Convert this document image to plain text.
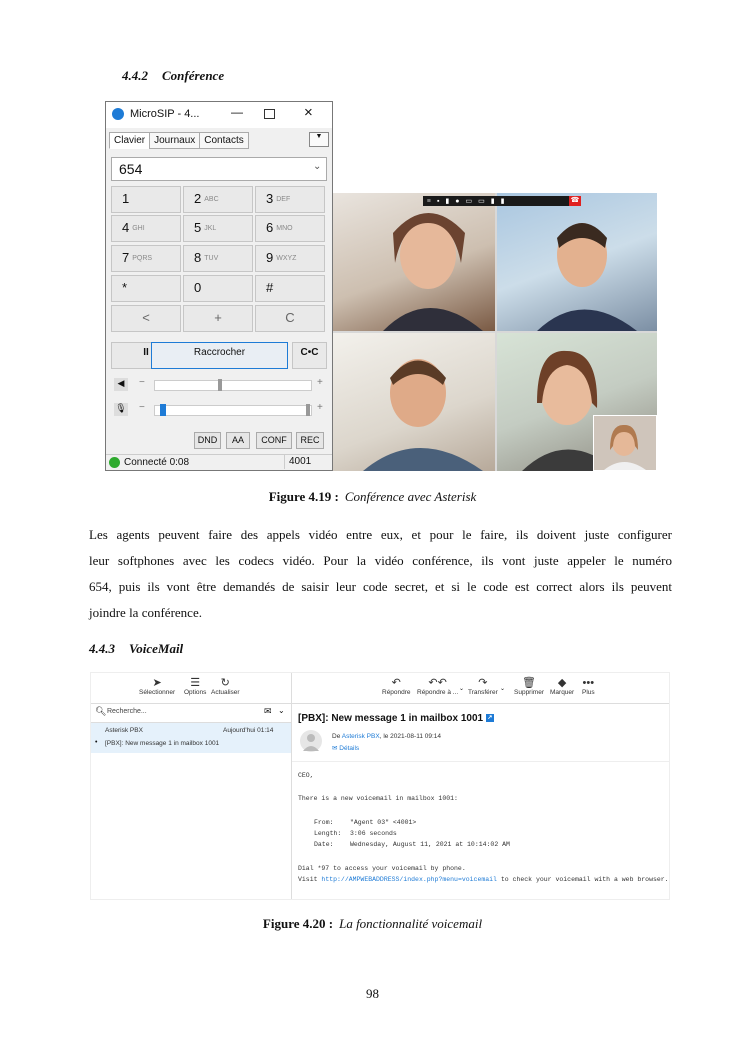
4.4.2 Conférence
MicroSIP - 4...	—	×
Clavier Journaux Contacts	▼
654	⌄
1	2 ABC	3 DEF
4 GHI	5 JKL	6 MNO
7 PQRS	8 TUV	9 WXYZ
*	0	#
<	+	C
II	Raccrocher	C•C
◀	−	+
🎙 −	+
DND	AA	CONF	REC
Connecté 0:08	4001
≡▪▮●▭▭▮▮	☎
Figure 4.19 : Conférence avec Asterisk
Les agents peuvent faire des appels vidéo entre eux, et pour le faire, ils doivent juste configurer
leur softphones avec les codecs vidéo. Pour la vidéo conférence, ils vont juste appeler le numéro
654, puis ils vont être demandés de saisir leur code secret, et si le code est correct alors ils peuvent
joindre la conférence.
4.4.3 VoiceMail
➤
Sélectionner
☰
Options
↻
Actualiser
🔍︎ Recherche...	✉ ⌄
Asterisk PBX	Aujourd'hui 01:14
• [PBX]: New message 1 in mailbox 1001
↶
Répondre
↶↶
Répondre à ... ⌄	↷
Transférer ⌄	🗑︎
Supprimer
◆
Marquer
•••
Plus
[PBX]: New message 1 in mailbox 1001 ↗
De Asterisk PBX, le 2021-08-11 09:14
✉ Détails
CEO,
There is a new voicemail in mailbox 1001:
From:	"Agent 03" <4001>
Length: 3:06 seconds
Date:	Wednesday, August 11, 2021 at 10:14:02 AM
Dial *97 to access your voicemail by phone.
Visit http://AMPWEBADDRESS/index.php?menu=voicemail to check your voicemail with a web browser.
Figure 4.20 : La fonctionnalité voicemail
98
